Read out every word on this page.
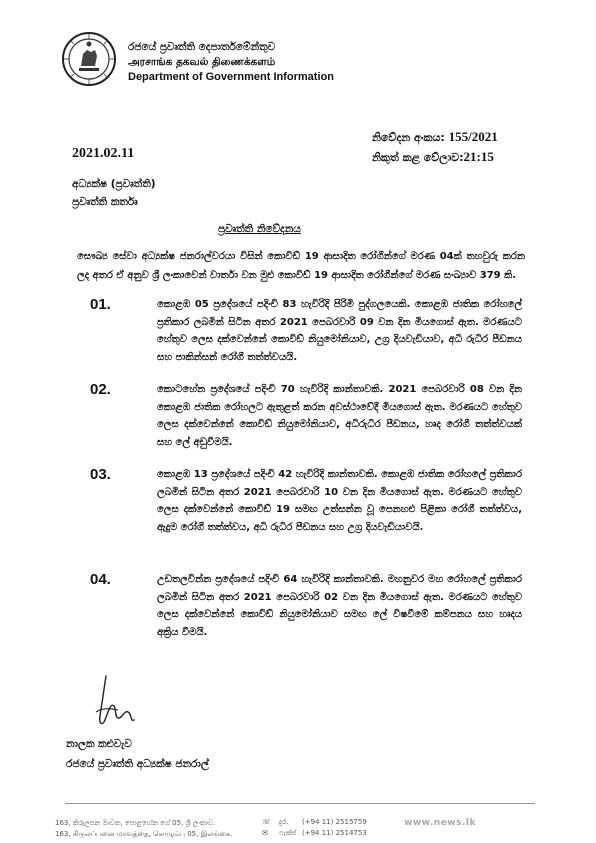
රජයේ ප්‍රවෘත්ති දෙපාර්තමේන්තුව
அரசாங்க தகவல் திணைக்களம்
Department of Government Information
2021.02.11
නිවේදන අංකය: 155/2021
නිකුත් කළ වේලාව:21:15
අධ්‍යක්ෂ (ප්‍රවෘත්ති)
ප්‍රවෘත්ති කර්තෘ
ප්‍රවෘත්ති නිවේදනය
සෞඛ්‍ය සේවා අධ්‍යක්ෂ ජනරාල්වරයා විසින් කොවිඩ් 19 ආසාදිත රෝගීන්ගේ මරණ 04ක් තහවුරු කරන ලද අතර ඒ අනුව ශ්‍රී ලංකාවෙන් වාර්තා වන මුළු කොවිඩ් 19 ආසාදිත රෝගීන්ගේ මරණ සංඛ්‍යාව 379 කි.
01.	කොළඹ 05 ප්‍රදේශයේ පදිංචි 83 හැවිරිදි පිරිමි පුද්ගලයෙකි. කොළඹ ජාතික රෝහලේ ප්‍රතිකාර ලබමින් සිටින අතර 2021 පෙබරවාරි 09 වන දින මියගොස් ඇත. මරණයට හේතුව ලෙස දක්වෙන්නේ කොවිඩ් නියුමෝනියාව, උග්‍ර දියවැඩියාව, අධි රුධිර පීඩනය සහ පාකින්සන් රෝගී තත්ත්වයයි.
02.	කොටහේන ප්‍රදේශයේ පදිංචි 70 හැවිරිදි කාන්තාවකි. 2021 පෙබරවාරි 08 වන දින කොළඹ ජාතික රෝහලට ඇතුළත් කරන අවස්ථාවේදී මියගොස් ඇත. මරණයට හේතුව ලෙස දක්වෙන්නේ කොවිඩ් නියුමෝනියාව, අධිරුධිර පීඩනය, හෘද රෝගී තත්ත්වයක් සහ ලේ අඩුවීමයි.
03.	කොළඹ 13 ප්‍රදේශයේ පදිංචි 42 හැවිරිදි කාන්තාවකි. කොළඹ ජාතික රෝහලේ ප්‍රතිකාර ලබමින් සිටින අතර 2021 පෙබරවාරි 10 වන දින මියගොස් ඇත. මරණයට හේතුව ලෙස දක්වෙන්නේ කොවිඩ් 19 සමඟ උත්සන්න වූ පෙනහළු පිළිකා රෝගී තත්ත්වය, ඇදුම රෝගී තත්ත්වය, අධි රුධිර පීඩනය සහ උග්‍ර දියවැඩියාවයි.
04.	උඩතලවින්න ප්‍රදේශයේ පදිංචි 64 හැවිරිදි කාන්තාවකි. මහනුවර මහ රෝහලේ ප්‍රතිකාර ලබමින් සිටින අතර 2021 පෙබරවාරි 02 වන දින මියගොස් ඇත. මරණයට හේතුව ලෙස දක්වෙන්නේ කොවිඩ් නියුමෝනියාව සමඟ ලේ විෂවීමේ කම්පනය සහ හෘදය අක්‍රිය වීමයි.
නාලක කළුවැව
රජයේ ප්‍රවෘත්ති අධ්‍යක්ෂ ජනරාල්
163, කිරුලපන මාවත, පොළහේන ගේ 05, ශ්‍රී ලංකාව.
163, கிருலப்பனை மாவத்தை, கொழும்பு 05, இலங்கை.
☏ දුර. (+94 11) 2515759
✉ ෆැක්ස් (+94 11) 2514753
www.news.lk
